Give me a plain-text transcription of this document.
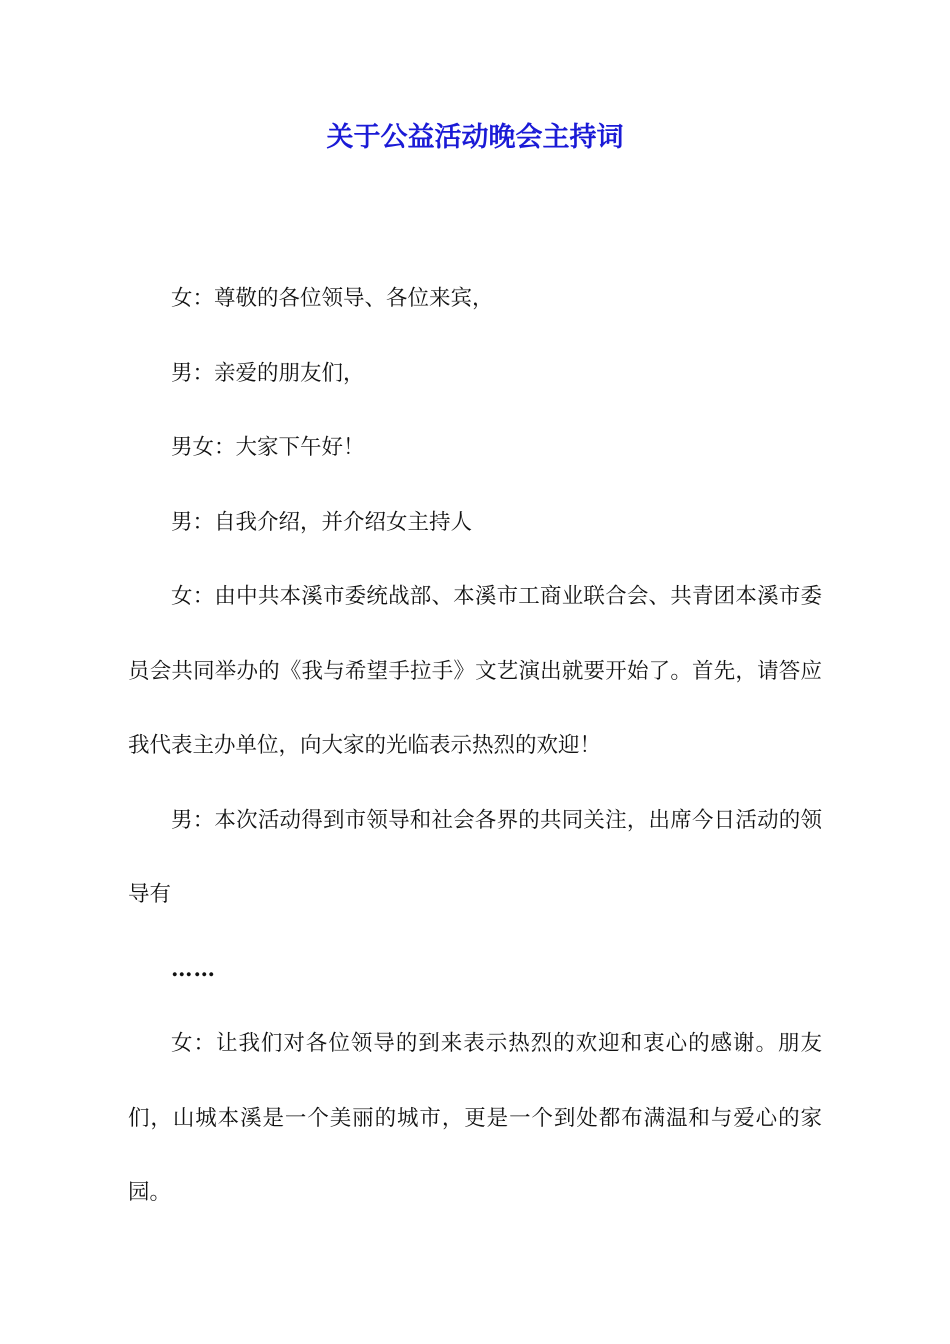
关于公益活动晚会主持词

女：尊敬的各位领导、各位来宾，

男：亲爱的朋友们，

男女：大家下午好！

男：自我介绍，并介绍女主持人

女：由中共本溪市委统战部、本溪市工商业联合会、共青团本溪市委员会共同举办的《我与希望手拉手》文艺演出就要开始了。首先，请答应我代表主办单位，向大家的光临表示热烈的欢迎！

男：本次活动得到市领导和社会各界的共同关注，出席今日活动的领导有

……

女：让我们对各位领导的到来表示热烈的欢迎和衷心的感谢。朋友们，山城本溪是一个美丽的城市，更是一个到处都布满温和与爱心的家园。
